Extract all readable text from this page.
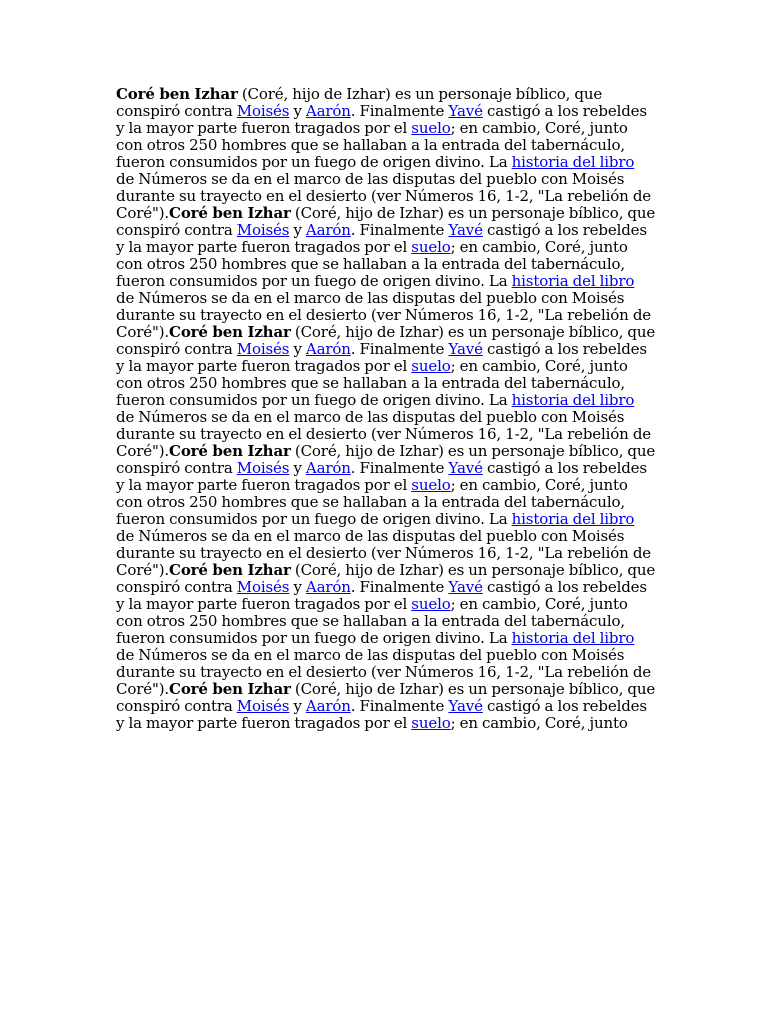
Coré ben Izhar (Coré, hijo de Izhar) es un personaje bíblico, que conspiró contra Moisés y Aarón. Finalmente Yavé castigó a los rebeldes y la mayor parte fueron tragados por el suelo; en cambio, Coré, junto con otros 250 hombres que se hallaban a la entrada del tabernáculo, fueron consumidos por un fuego de origen divino. La historia del libro de Números se da en el marco de las disputas del pueblo con Moisés durante su trayecto en el desierto (ver Números 16, 1-2, "La rebelión de Coré").Coré ben Izhar (Coré, hijo de Izhar) es un personaje bíblico, que conspiró contra Moisés y Aarón. Finalmente Yavé castigó a los rebeldes y la mayor parte fueron tragados por el suelo; en cambio, Coré, junto con otros 250 hombres que se hallaban a la entrada del tabernáculo, fueron consumidos por un fuego de origen divino. La historia del libro de Números se da en el marco de las disputas del pueblo con Moisés durante su trayecto en el desierto (ver Números 16, 1-2, "La rebelión de Coré").Coré ben Izhar (Coré, hijo de Izhar) es un personaje bíblico, que conspiró contra Moisés y Aarón. Finalmente Yavé castigó a los rebeldes y la mayor parte fueron tragados por el suelo; en cambio, Coré, junto con otros 250 hombres que se hallaban a la entrada del tabernáculo, fueron consumidos por un fuego de origen divino. La historia del libro de Números se da en el marco de las disputas del pueblo con Moisés durante su trayecto en el desierto (ver Números 16, 1-2, "La rebelión de Coré").Coré ben Izhar (Coré, hijo de Izhar) es un personaje bíblico, que conspiró contra Moisés y Aarón. Finalmente Yavé castigó a los rebeldes y la mayor parte fueron tragados por el suelo; en cambio, Coré, junto con otros 250 hombres que se hallaban a la entrada del tabernáculo, fueron consumidos por un fuego de origen divino. La historia del libro de Números se da en el marco de las disputas del pueblo con Moisés durante su trayecto en el desierto (ver Números 16, 1-2, "La rebelión de Coré").Coré ben Izhar (Coré, hijo de Izhar) es un personaje bíblico, que conspiró contra Moisés y Aarón. Finalmente Yavé castigó a los rebeldes y la mayor parte fueron tragados por el suelo; en cambio, Coré, junto con otros 250 hombres que se hallaban a la entrada del tabernáculo, fueron consumidos por un fuego de origen divino. La historia del libro de Números se da en el marco de las disputas del pueblo con Moisés durante su trayecto en el desierto (ver Números 16, 1-2, "La rebelión de Coré").Coré ben Izhar (Coré, hijo de Izhar) es un personaje bíblico, que conspiró contra Moisés y Aarón. Finalmente Yavé castigó a los rebeldes y la mayor parte fueron tragados por el suelo; en cambio, Coré, junto
